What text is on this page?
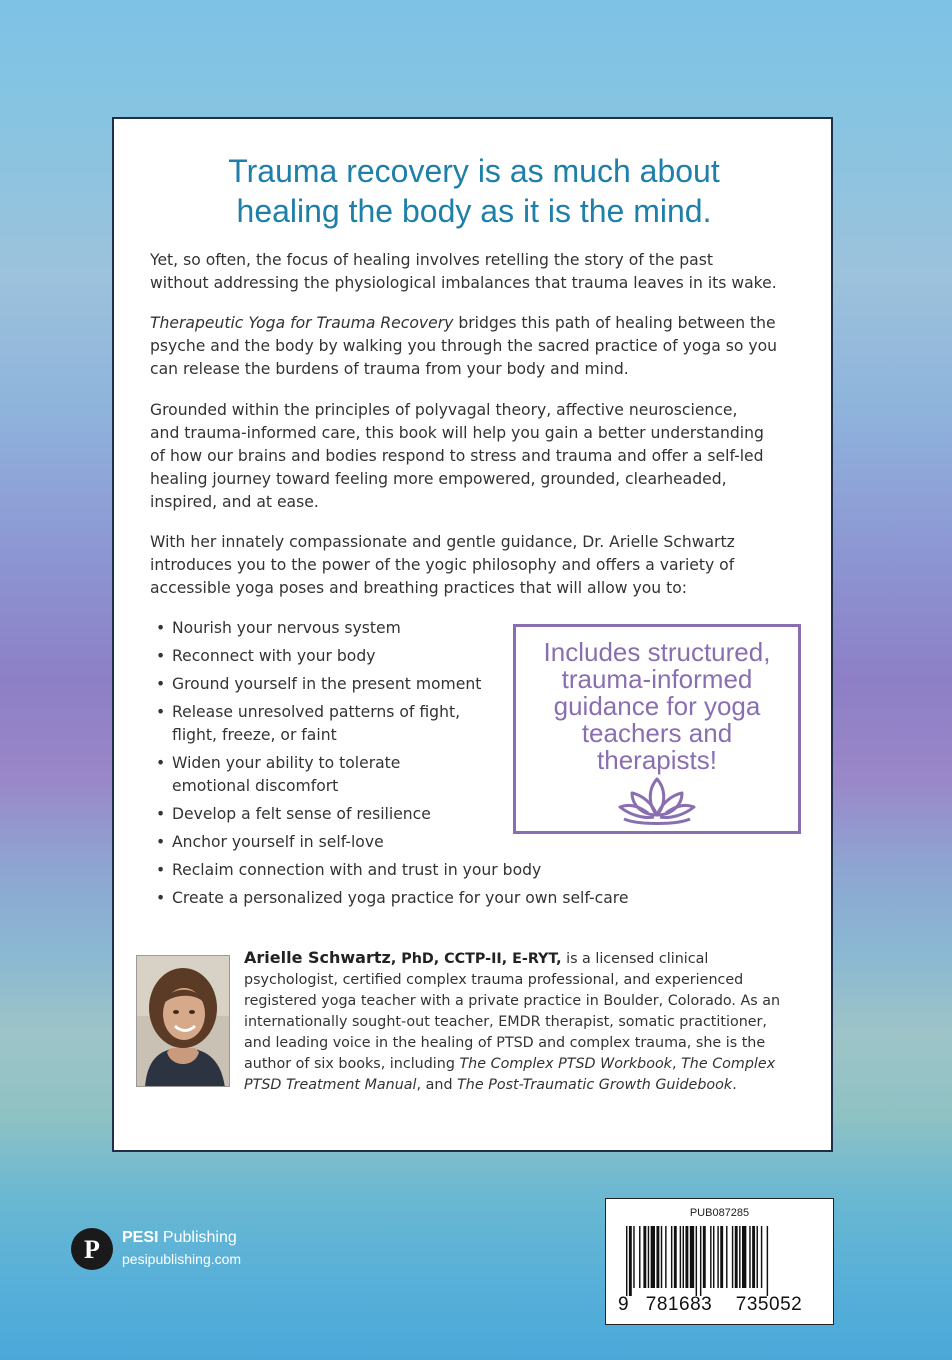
Trauma recovery is as much about
healing the body as it is the mind.

Yet, so often, the focus of healing involves retelling the story of the past
without addressing the physiological imbalances that trauma leaves in its wake.

Therapeutic Yoga for Trauma Recovery bridges this path of healing between the
psyche and the body by walking you through the sacred practice of yoga so you
can release the burdens of trauma from your body and mind.

Grounded within the principles of polyvagal theory, affective neuroscience,
and trauma-informed care, this book will help you gain a better understanding
of how our brains and bodies respond to stress and trauma and offer a self-led
healing journey toward feeling more empowered, grounded, clearheaded,
inspired, and at ease.

With her innately compassionate and gentle guidance, Dr. Arielle Schwartz
introduces you to the power of the yogic philosophy and offers a variety of
accessible yoga poses and breathing practices that will allow you to:

• Nourish your nervous system
• Reconnect with your body
• Ground yourself in the present moment
• Release unresolved patterns of fight,
flight, freeze, or faint
• Widen your ability to tolerate
emotional discomfort
• Develop a felt sense of resilience
• Anchor yourself in self-love
• Reclaim connection with and trust in your body
• Create a personalized yoga practice for your own self-care

Includes structured,
trauma-informed
guidance for yoga
teachers and
therapists!

Arielle Schwartz, PhD, CCTP-II, E-RYT, is a licensed clinical
psychologist, certified complex trauma professional, and experienced
registered yoga teacher with a private practice in Boulder, Colorado. As an
internationally sought-out teacher, EMDR therapist, somatic practitioner,
and leading voice in the healing of PTSD and complex trauma, she is the
author of six books, including The Complex PTSD Workbook, The Complex
PTSD Treatment Manual, and The Post-Traumatic Growth Guidebook.

P PESI Publishing
pesipublishing.com
PUB087285
9 781683 735052
